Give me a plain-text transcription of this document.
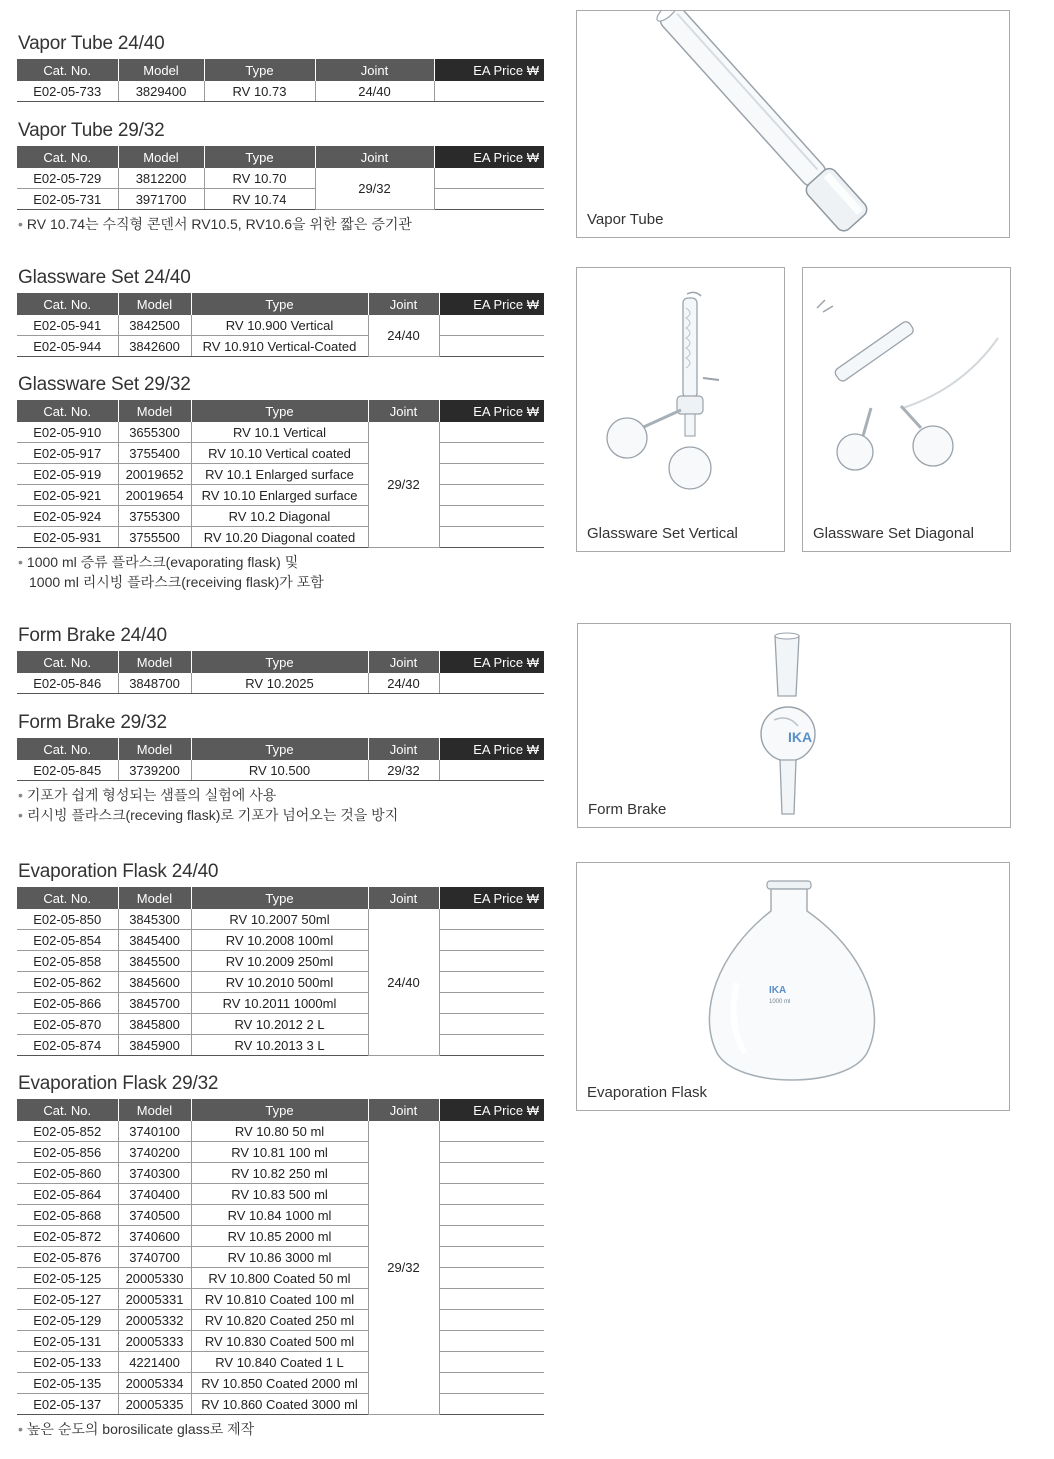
Vapor Tube 24/40
Cat. No.	Model	Type	Joint	EA Price ₩
E02-05-733	3829400	RV 10.73	24/40	
Vapor Tube 29/32
Cat. No.	Model	Type	Joint	EA Price ₩
E02-05-729	3812200	RV 10.70	29/32	
E02-05-731	3971700	RV 10.74		
• RV 10.74는 수직형 콘덴서 RV10.5, RV10.6을 위한 짧은 증기관
Glassware Set 24/40
Cat. No.	Model	Type	Joint	EA Price ₩
E02-05-941	3842500	RV 10.900 Vertical	24/40	
E02-05-944	3842600	RV 10.910 Vertical-Coated		
Glassware Set 29/32
Cat. No.	Model	Type	Joint	EA Price ₩
E02-05-910	3655300	RV 10.1 Vertical	29/32	
E02-05-917	3755400	RV 10.10 Vertical coated		
E02-05-919	20019652	RV 10.1 Enlarged surface		
E02-05-921	20019654	RV 10.10 Enlarged surface		
E02-05-924	3755300	RV 10.2 Diagonal		
E02-05-931	3755500	RV 10.20 Diagonal coated		
• 1000 ml 증류 플라스크(evaporating flask) 및
1000 ml 리시빙 플라스크(receiving flask)가 포함
Form Brake 24/40
Cat. No.	Model	Type	Joint	EA Price ₩
E02-05-846	3848700	RV 10.2025	24/40	
Form Brake 29/32
Cat. No.	Model	Type	Joint	EA Price ₩
E02-05-845	3739200	RV 10.500	29/32	
• 기포가 쉽게 형성되는 샘플의 실험에 사용
• 리시빙 플라스크(receving flask)로 기포가 넘어오는 것을 방지
Evaporation Flask 24/40
Cat. No.	Model	Type	Joint	EA Price ₩
E02-05-850	3845300	RV 10.2007 50ml	24/40	
E02-05-854	3845400	RV 10.2008 100ml		
E02-05-858	3845500	RV 10.2009 250ml		
E02-05-862	3845600	RV 10.2010 500ml		
E02-05-866	3845700	RV 10.2011 1000ml		
E02-05-870	3845800	RV 10.2012 2 L		
E02-05-874	3845900	RV 10.2013 3 L		
Evaporation Flask 29/32
Cat. No.	Model	Type	Joint	EA Price ₩
E02-05-852	3740100	RV 10.80 50 ml	29/32	
E02-05-856	3740200	RV 10.81 100 ml		
E02-05-860	3740300	RV 10.82 250 ml		
E02-05-864	3740400	RV 10.83 500 ml		
E02-05-868	3740500	RV 10.84 1000 ml		
E02-05-872	3740600	RV 10.85 2000 ml		
E02-05-876	3740700	RV 10.86 3000 ml		
E02-05-125	20005330	RV 10.800 Coated 50 ml		
E02-05-127	20005331	RV 10.810 Coated 100 ml		
E02-05-129	20005332	RV 10.820 Coated 250 ml		
E02-05-131	20005333	RV 10.830 Coated 500 ml		
E02-05-133	4221400	RV 10.840 Coated 1 L		
E02-05-135	20005334	RV 10.850 Coated 2000 ml		
E02-05-137	20005335	RV 10.860 Coated 3000 ml		
• 높은 순도의 borosilicate glass로 제작
Vapor Tube
Glassware Set Vertical	Glassware Set Diagonal
IKA
Form Brake
IKA
1000 ml
Evaporation Flask
